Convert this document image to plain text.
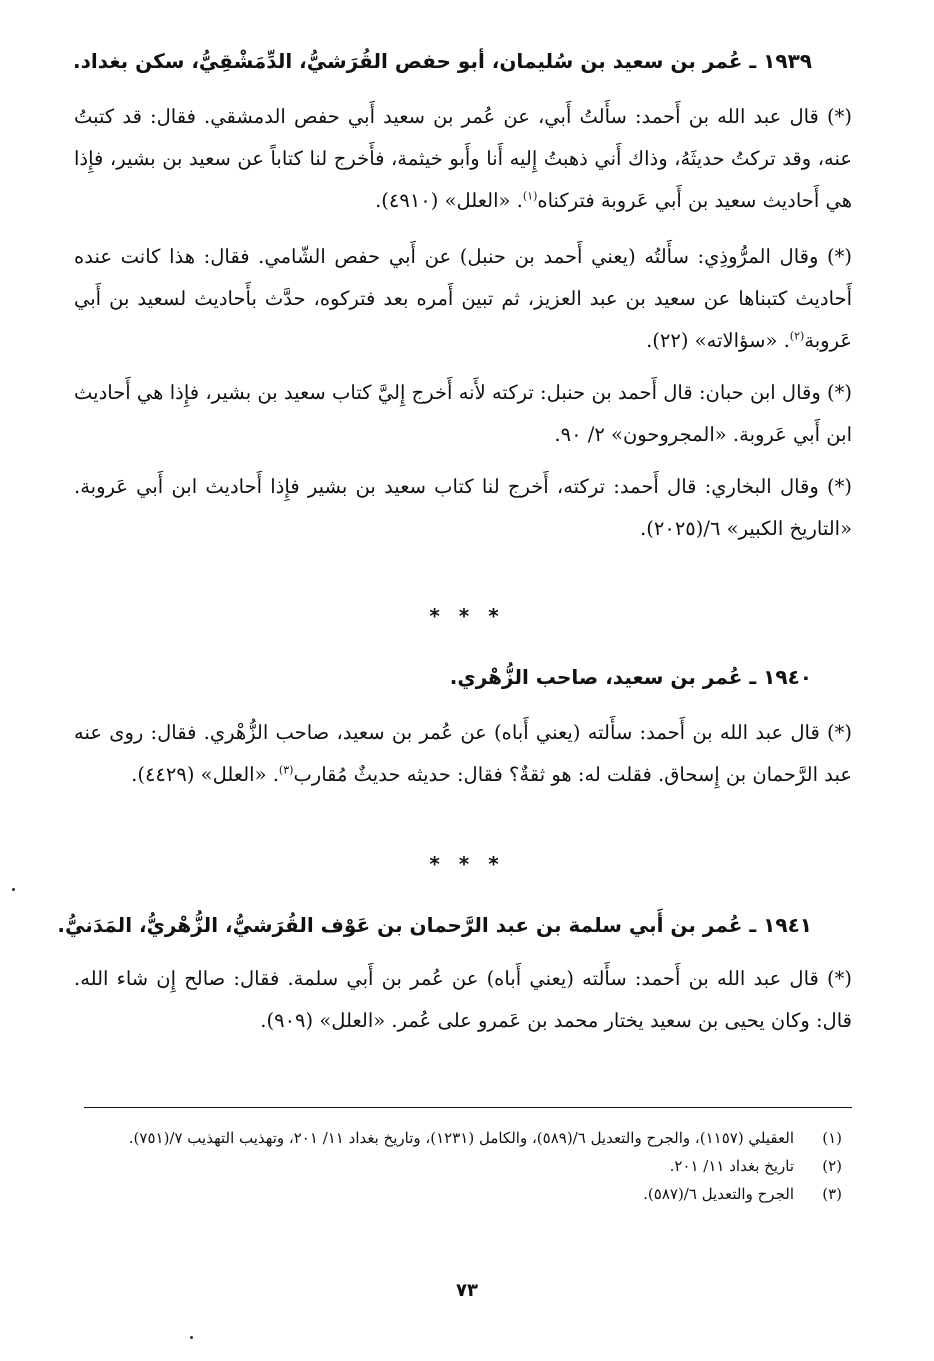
١٩٣٩ ـ عُمر بن سعيد بن سُليمان، أبو حفص القُرَشيُّ، الدِّمَشْقِيُّ، سكن بغداد.

(*) قال عبد الله بن أَحمد: سأَلتُ أَبي، عن عُمر بن سعيد أَبي حفص الدمشقي. فقال: قد كتبتُ عنه، وقد تركتُ حديثَهُ، وذاك أَني ذهبتُ إِليه أَنا وأَبو خيثمة، فأَخرج لنا كتاباً عن سعيد بن بشير، فإِذا هي أَحاديث سعيد بن أَبي عَروبة فتركناه$^{(١)}$. «العلل» (٤٩١٠).

(*) وقال المرُّوذِي: سأَلتُه (يعني أَحمد بن حنبل) عن أَبي حفص الشّامي. فقال: هذا كانت عنده أَحاديث كتبناها عن سعيد بن عبد العزيز، ثم تبين أَمره بعد فتركوه، حدَّث بأَحاديث لسعيد بن أَبي عَروبة$^{(٢)}$. «سؤالاته» (٢٢).

(*) وقال ابن حبان: قال أَحمد بن حنبل: تركته لأَنه أَخرج إِليَّ كتاب سعيد بن بشير، فإِذا هي أَحاديث ابن أَبي عَروبة. «المجروحون» ٢/ ٩٠.

(*) وقال البخاري: قال أَحمد: تركته، أَخرج لنا كتاب سعيد بن بشير فإِذا أَحاديث ابن أَبي عَروبة. «التاريخ الكبير» ٦/(٢٠٢٥).

* * *
١٩٤٠ ـ عُمر بن سعيد، صاحب الزُّهْري.

(*) قال عبد الله بن أَحمد: سأَلته (يعني أَباه) عن عُمر بن سعيد، صاحب الزُّهْري. فقال: روى عنه عبد الرَّحمان بن إِسحاق. فقلت له: هو ثقةٌ؟ فقال: حديثه حديثٌ مُقارب$^{(٣)}$. «العلل» (٤٤٢٩).

* * *
١٩٤١ ـ عُمر بن أَبي سلمة بن عبد الرَّحمان بن عَوْف القُرَشيُّ، الزُّهْريُّ، المَدَنيُّ.

(*) قال عبد الله بن أَحمد: سأَلته (يعني أَباه) عن عُمر بن أَبي سلمة. فقال: صالح إِن شاء الله. قال: وكان يحيى بن سعيد يختار محمد بن عَمرو على عُمر. «العلل» (٩٠٩).

(١)
العقيلي (١١٥٧)، والجرح والتعديل ٦/(٥٨٩)، والكامل (١٢٣١)، وتاريخ بغداد ١١/ ٢٠١، وتهذيب التهذيب ٧/(٧٥١).
(٢)
تاريخ بغداد ١١/ ٢٠١.
(٣)
الجرح والتعديل ٦/(٥٨٧).
٧٣
